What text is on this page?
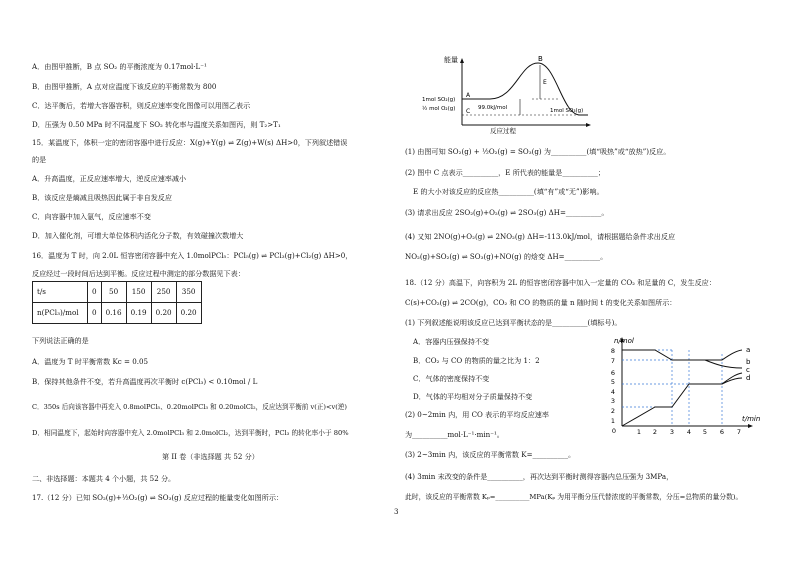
A．由图甲推断，B 点 SO₂ 的平衡浓度为 0.17mol·L⁻¹
B．由图甲推断，A 点对应温度下该反应的平衡常数为 800
C．达平衡后，若增大容器容积，则反应速率变化图像可以用图乙表示
D．压强为 0.50 MPa 时不同温度下 SO₂ 转化率与温度关系如图丙，则 T₂>T₁
15．某温度下，体积一定的密闭容器中进行反应：X(g)+Y(g) ⇌ Z(g)+W(s) ΔH>0，下列叙述错误
的是
A．升高温度，正反应速率增大，逆反应速率减小
B．该反应是熵减且吸热因此属于非自发反应
C．向容器中加入氩气，反应速率不变
D．加入催化剂，可增大单位体积内活化分子数，有效碰撞次数增大
16．温度为 T 时，向 2.0L 恒容密闭容器中充入 1.0molPCl₅：PCl₅(g) ⇌ PCl₃(g)+Cl₂(g) ΔH>0，
反应经过一段时间后达到平衡。反应过程中测定的部分数据见下表：
t/s	0	50	150	250	350
n(PCl₃)/mol	0	0.16	0.19	0.20	0.20
下列说法正确的是
A．温度为 T 时平衡常数 Kc = 0.05
B．保持其他条件不变，若升高温度再次平衡时 c(PCl₃) < 0.10mol / L
C．350s 后向该容器中再充入 0.8molPCl₅、0.20molPCl₃ 和 0.20molCl₂，反应达到平衡前 v(正)<v(逆)
D．相同温度下，起始时向容器中充入 2.0molPCl₃ 和 2.0molCl₂，达到平衡时，PCl₃ 的转化率小于 80%
第 II 卷（非选择题 共 52 分）
二、非选择题：本题共 4 个小题，共 52 分。
17.（12 分）已知 SO₂(g)+½O₂(g) ⇌ SO₃(g) 反应过程的能量变化如图所示：
能量	B
A
C
E
1mol SO₂(g)
½ mol O₂(g)	1mol SO₃(g)
99.0kJ/mol
反应过程
(1) 由图可知 SO₂(g) + ½O₂(g) = SO₃(g) 为__________(填“吸热”或“放热”)反应。
(2) 图中 C 点表示__________，E 所代表的能量是__________；
E 的大小对该反应的反应热__________(填“有”或“无”)影响。
(3) 请求出反应 2SO₂(g)+O₂(g) ⇌ 2SO₃(g) ΔH=__________。
(4) 又知 2NO(g)+O₂(g) ⇌ 2NO₂(g) ΔH=-113.0kJ/mol，请根据题给条件求出反应
NO₂(g)+SO₂(g) ⇌ SO₃(g)+NO(g) 的焓变 ΔH=__________。
18.（12 分）高温下，向容积为 2L 的恒容密闭容器中加入一定量的 CO₂ 和足量的 C，发生反应：
C(s)+CO₂(g) ⇌ 2CO(g)，CO₂ 和 CO 的物质的量 n 随时间 t 的变化关系如图所示：
(1) 下列叙述能说明该反应已达到平衡状态的是__________(填标号)。
A．容器内压强保持不变
B．CO₂ 与 CO 的物质的量之比为 1：2
C．气体的密度保持不变
D．气体的平均相对分子质量保持不变
(2) 0~2min 内，用 CO 表示的平均反应速率
为__________mol·L⁻¹·min⁻¹。
(3) 2~3min 内，该反应的平衡常数 K=__________。
(4) 3min 末改变的条件是__________，再次达到平衡时测得容器内总压强为 3MPa，
此时，该反应的平衡常数 Kₚ=__________MPa(Kₚ 为用平衡分压代替浓度的平衡常数，分压=总物质的量分数)。
n/mol
8
7
6
5
4
3
2
1
0	1 2 3 4 5 6 7
t/min
a
b
c
d
3
